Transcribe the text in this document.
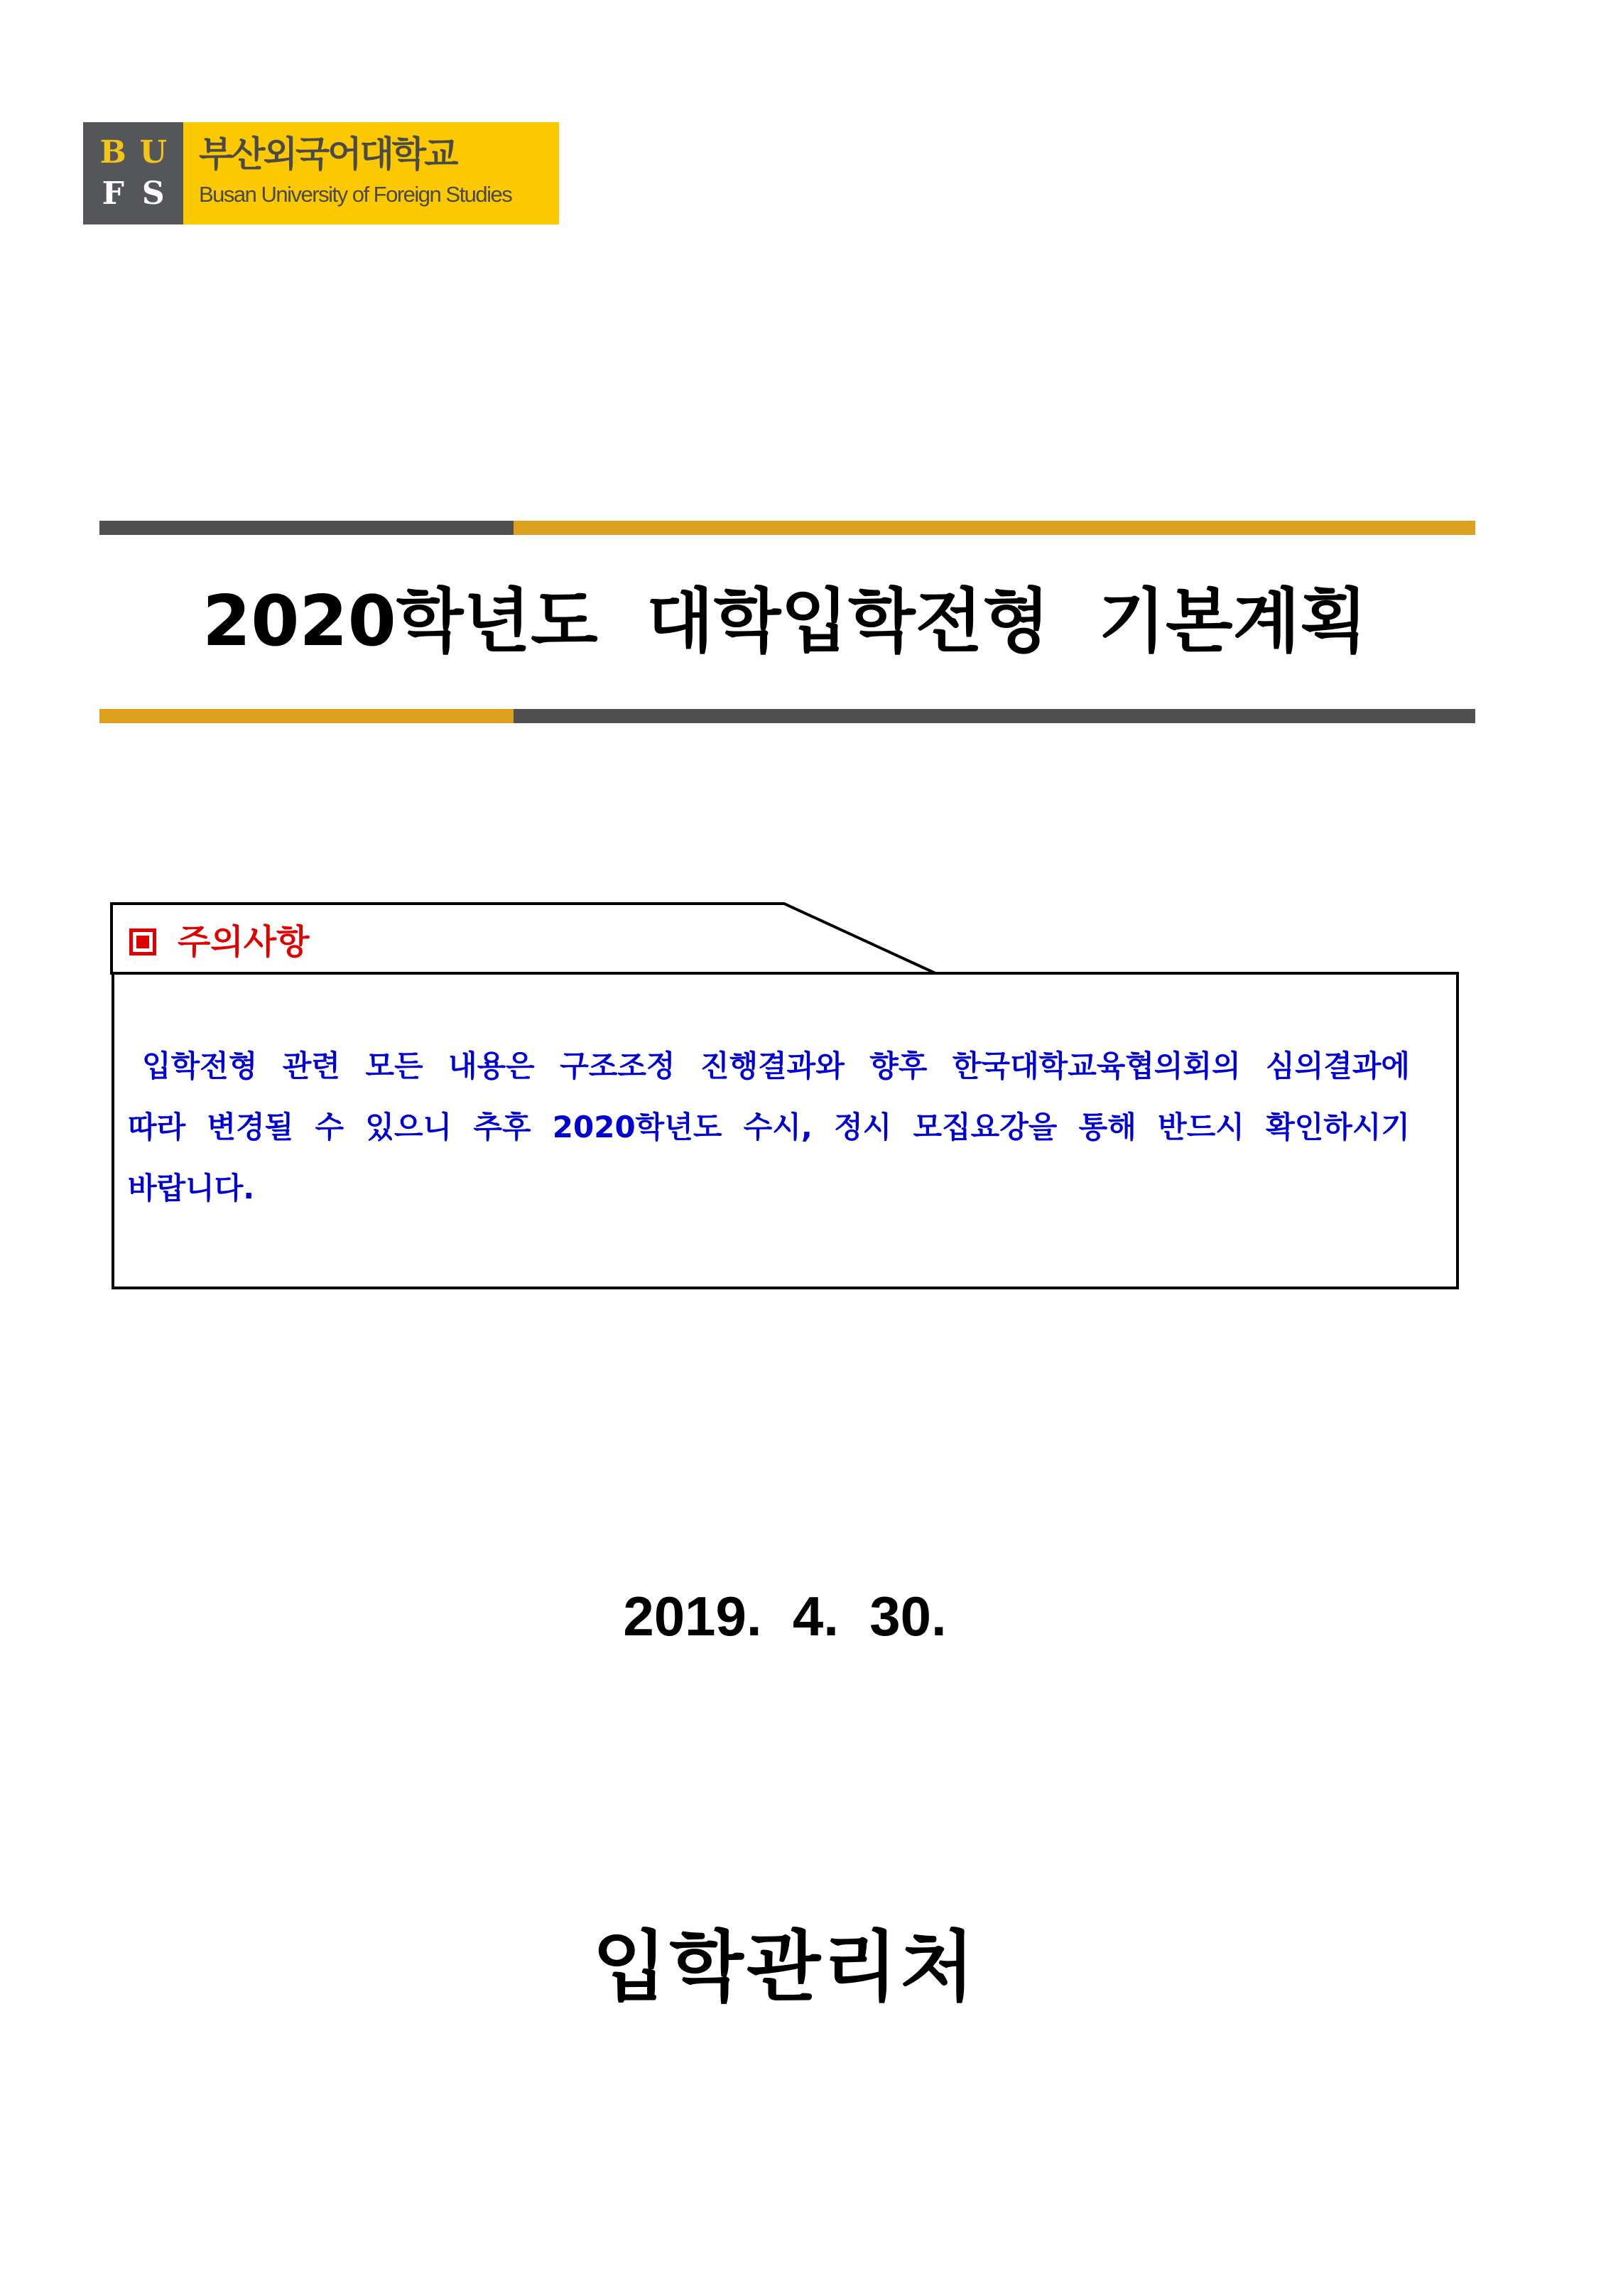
B U
F S
부산외국어대학교
Busan University of Foreign Studies
2020학년도  대학입학전형  기본계획
주의사항
입학전형 관련 모든 내용은 구조조정 진행결과와 향후 한국대학교육협의회의 심의결과에 따라 변경될 수 있으니 추후 2020학년도 수시, 정시 모집요강을 통해 반드시 확인하시기 바랍니다.
2019.  4.  30.
입학관리처
